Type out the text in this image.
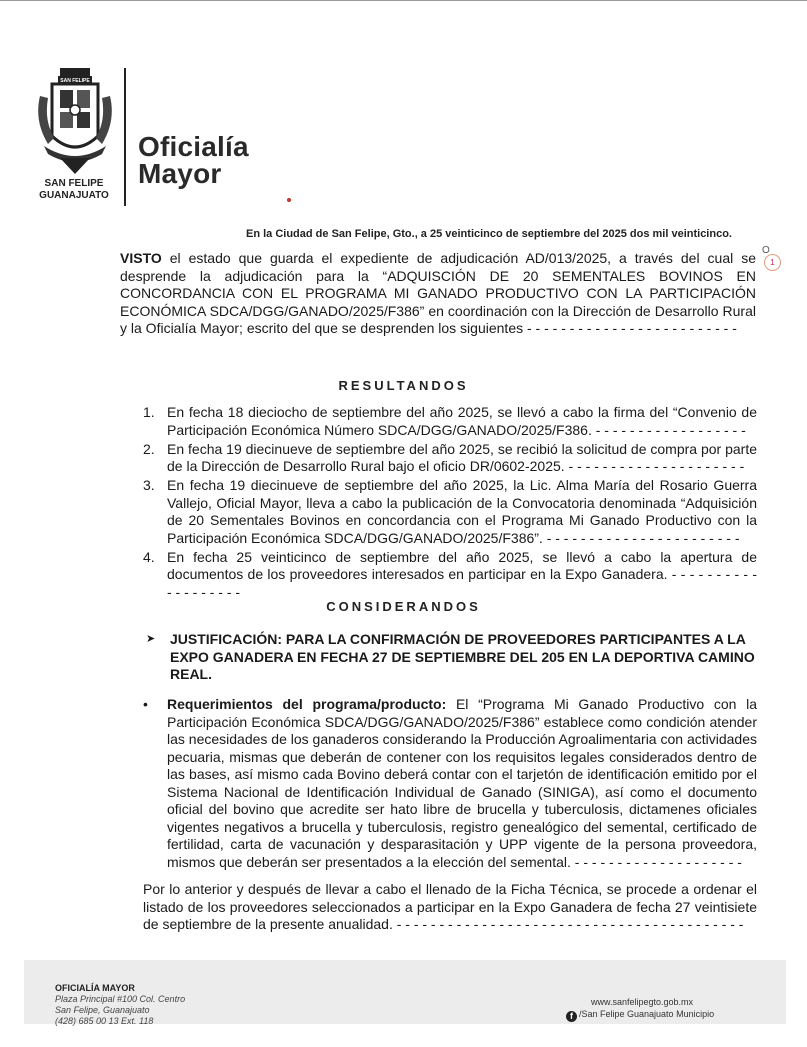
SAN FELIPE
SAN FELIPE
GUANAJUATO
Oficialía
Mayor
En la Ciudad de San Felipe, Gto., a 25 veinticinco de septiembre del 2025 dos mil veinticinco.
O
1
VISTO el estado que guarda el expediente de adjudicación AD/013/2025, a través del cual se desprende la adjudicación para la “ADQUISCIÓN DE 20 SEMENTALES BOVINOS EN CONCORDANCIA CON EL PROGRAMA MI GANADO PRODUCTIVO CON LA PARTICIPACIÓN ECONÓMICA SDCA/DGG/GANADO/2025/F386” en coordinación con la Dirección de Desarrollo Rural y la Oficialía Mayor; escrito del que se desprenden los siguientes - - - - - - - - - - - - - - - - - - - - - - - - -
RESULTANDOS
1. En fecha 18 dieciocho de septiembre del año 2025, se llevó a cabo la firma del “Convenio de Participación Económica Número SDCA/DGG/GANADO/2025/F386. - - - - - - - - - - - - - - - - - -
2. En fecha 19 diecinueve de septiembre del año 2025, se recibió la solicitud de compra por parte de la Dirección de Desarrollo Rural bajo el oficio DR/0602-2025. - - - - - - - - - - - - - - - - - - - - -
3. En fecha 19 diecinueve de septiembre del año 2025, la Lic. Alma María del Rosario Guerra Vallejo, Oficial Mayor, lleva a cabo la publicación de la Convocatoria denominada “Adquisición de 20 Sementales Bovinos en concordancia con el Programa Mi Ganado Productivo con la Participación Económica SDCA/DGG/GANADO/2025/F386”. - - - - - - - - - - - - - - - - - - - - - - -
4. En fecha 25 veinticinco de septiembre del año 2025, se llevó a cabo la apertura de documentos de los proveedores interesados en participar en la Expo Ganadera. - - - - - - - - - - - - - - - - - - -
CONSIDERANDOS
➤ JUSTIFICACIÓN: PARA LA CONFIRMACIÓN DE PROVEEDORES PARTICIPANTES A LA EXPO GANADERA EN FECHA 27 DE SEPTIEMBRE DEL 205 EN LA DEPORTIVA CAMINO REAL.
• Requerimientos del programa/producto: El “Programa Mi Ganado Productivo con la Participación Económica SDCA/DGG/GANADO/2025/F386” establece como condición atender las necesidades de los ganaderos considerando la Producción Agroalimentaria con actividades pecuaria, mismas que deberán de contener con los requisitos legales considerados dentro de las bases, así mismo cada Bovino deberá contar con el tarjetón de identificación emitido por el Sistema Nacional de Identificación Individual de Ganado (SINIGA), así como el documento oficial del bovino que acredite ser hato libre de brucella y tuberculosis, dictamenes oficiales vigentes negativos a brucella y tuberculosis, registro genealógico del semental, certificado de fertilidad, carta de vacunación y desparasitación y UPP vigente de la persona proveedora, mismos que deberán ser presentados a la elección del semental. - - - - - - - - - - - - - - - - - - - -
Por lo anterior y después de llevar a cabo el llenado de la Ficha Técnica, se procede a ordenar el listado de los proveedores seleccionados a participar en la Expo Ganadera de fecha 27 veintisiete de septiembre de la presente anualidad. - - - - - - - - - - - - - - - - - - - - - - - - - - - - - - - - - - - - - - - - -
OFICIALÍA MAYOR
Plaza Principal #100 Col. Centro
San Felipe, Guanajuato
(428) 685 00 13 Ext. 118
www.sanfelipegto.gob.mx
f /San Felipe Guanajuato Municipio
